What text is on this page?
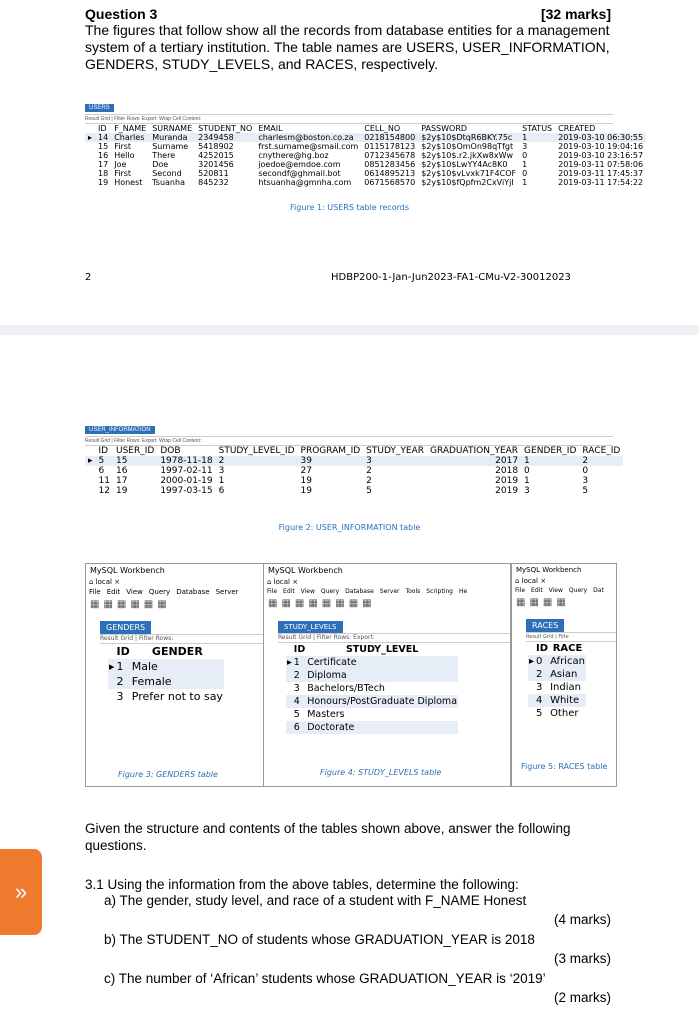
Question 3	[32 marks]
The figures that follow show all the records from database entities for a management system of a tertiary institution. The table names are USERS, USER_INFORMATION, GENDERS, STUDY_LEVELS, and RACES, respectively.
USERS
Result Grid | Filter Rows: Export: Wrap Cell Content:
	ID	F_NAME	SURNAME	STUDENT_NO	EMAIL	CELL_NO	PASSWORD	STATUS	CREATED
▸	14	Charles	Muranda	2349458	charlesm@boston.co.za	0218154800	$2y$10$DtqR6BKY.75c	1	2019-03-10 06:30:55
	15	First	Surname	5418902	frst.surname@smail.com	0115178123	$2y$10$OmOn98qTfgt	3	2019-03-10 19:04:16
	16	Hello	There	4252015	cnythere@hg.boz	0712345678	$2y$10$.r2.jkXw8xWw	0	2019-03-10 23:16:57
	17	Joe	Doe	3201456	joedoe@emdoe.com	0851283456	$2y$10$LwYY4Ac8K0	1	2019-03-11 07:58:06
	18	First	Second	520811	secondf@ghmail.bot	0614895213	$2y$10$vLvxk71F4COF	0	2019-03-11 17:45:37
	19	Honest	Tsuanha	845232	htsuanha@gmnha.com	0671568570	$2y$10$fQpfm2CxViYjI	1	2019-03-11 17:54:22
Figure 1: USERS table records
2	HDBP200-1-Jan-Jun2023-FA1-CMu-V2-30012023
USER_INFORMATION
Result Grid | Filter Rows: Export: Wrap Cell Content:
	ID	USER_ID	DOB	STUDY_LEVEL_ID	PROGRAM_ID	STUDY_YEAR	GRADUATION_YEAR	GENDER_ID	RACE_ID
▸	5	15	1978-11-18	2	39	3	2017	1	2
	6	16	1997-02-11	3	27	2	2018	0	0
	11	17	2000-01-19	1	19	2	2019	1	3
	12	19	1997-03-15	6	19	5	2019	3	5
Figure 2: USER_INFORMATION table
MySQL Workbench
⌂ local ×
File Edit View Query Database Server
▦▦▦▦▦▦
GENDERS
Result Grid | Filter Rows:
	ID	GENDER
▸	1	Male
	2	Female
	3	Prefer not to say
Figure 3: GENDERS table
MySQL Workbench
⌂ local ×
File Edit View Query Database Server Tools Scripting He
▦▦▦▦▦▦▦▦
STUDY_LEVELS
Result Grid | Filter Rows: Export:
	ID	STUDY_LEVEL
▸	1	Certificate
	2	Diploma
	3	Bachelors/BTech
	4	Honours/PostGraduate Diploma
	5	Masters
	6	Doctorate
Figure 4: STUDY_LEVELS table
MySQL Workbench
⌂ local ×
File Edit View Query Dat
▦▦▦▦
RACES
Result Grid | Filte
	ID	RACE
▸	0	African
	2	Asian
	3	Indian
	4	White
	5	Other
Figure 5: RACES table
Given the structure and contents of the tables shown above, answer the following questions.
3.1 Using the information from the above tables, determine the following:
a) The gender, study level, and race of a student with F_NAME Honest
(4 marks)
b) The STUDENT_NO of students whose GRADUATION_YEAR is 2018
(3 marks)
c) The number of ‘African’ students whose GRADUATION_YEAR is ‘2019’
(2 marks)
»
